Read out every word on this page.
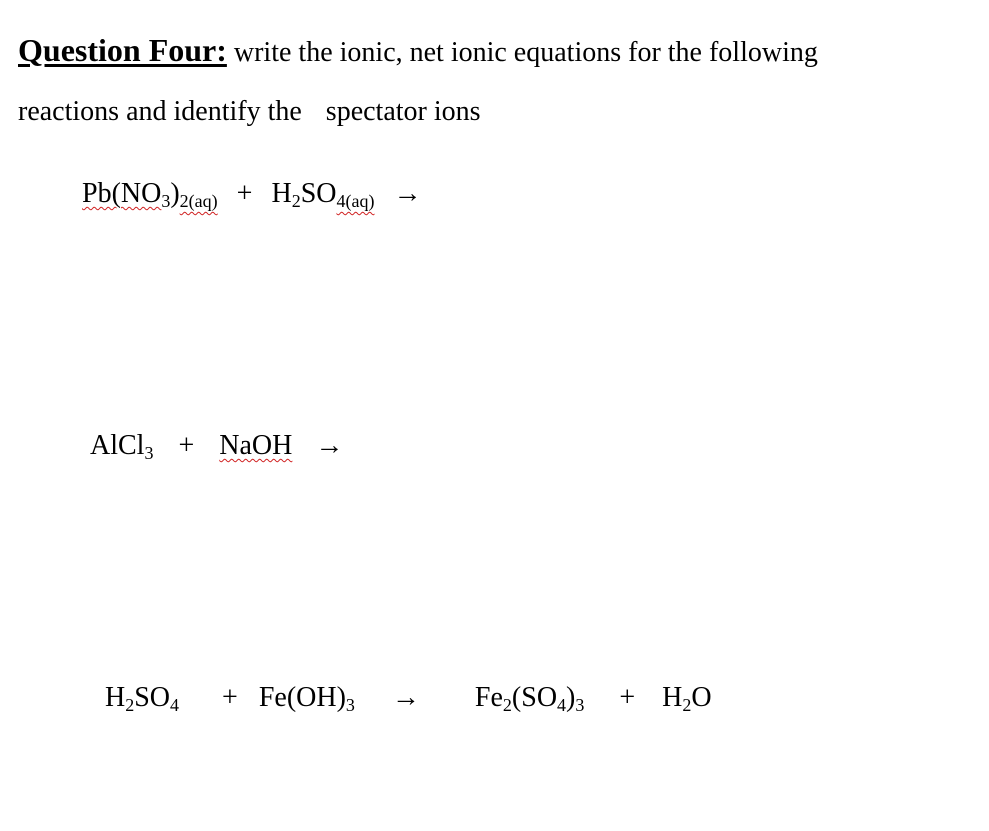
Question Four: write the ionic, net ionic equations for the following
reactions and identify the spectator ions
Pb(NO3)2(aq) + H2SO4(aq) →
AlCl3 + NaOH →
H2SO4 + Fe(OH)3 → Fe2(SO4)3 + H2O
